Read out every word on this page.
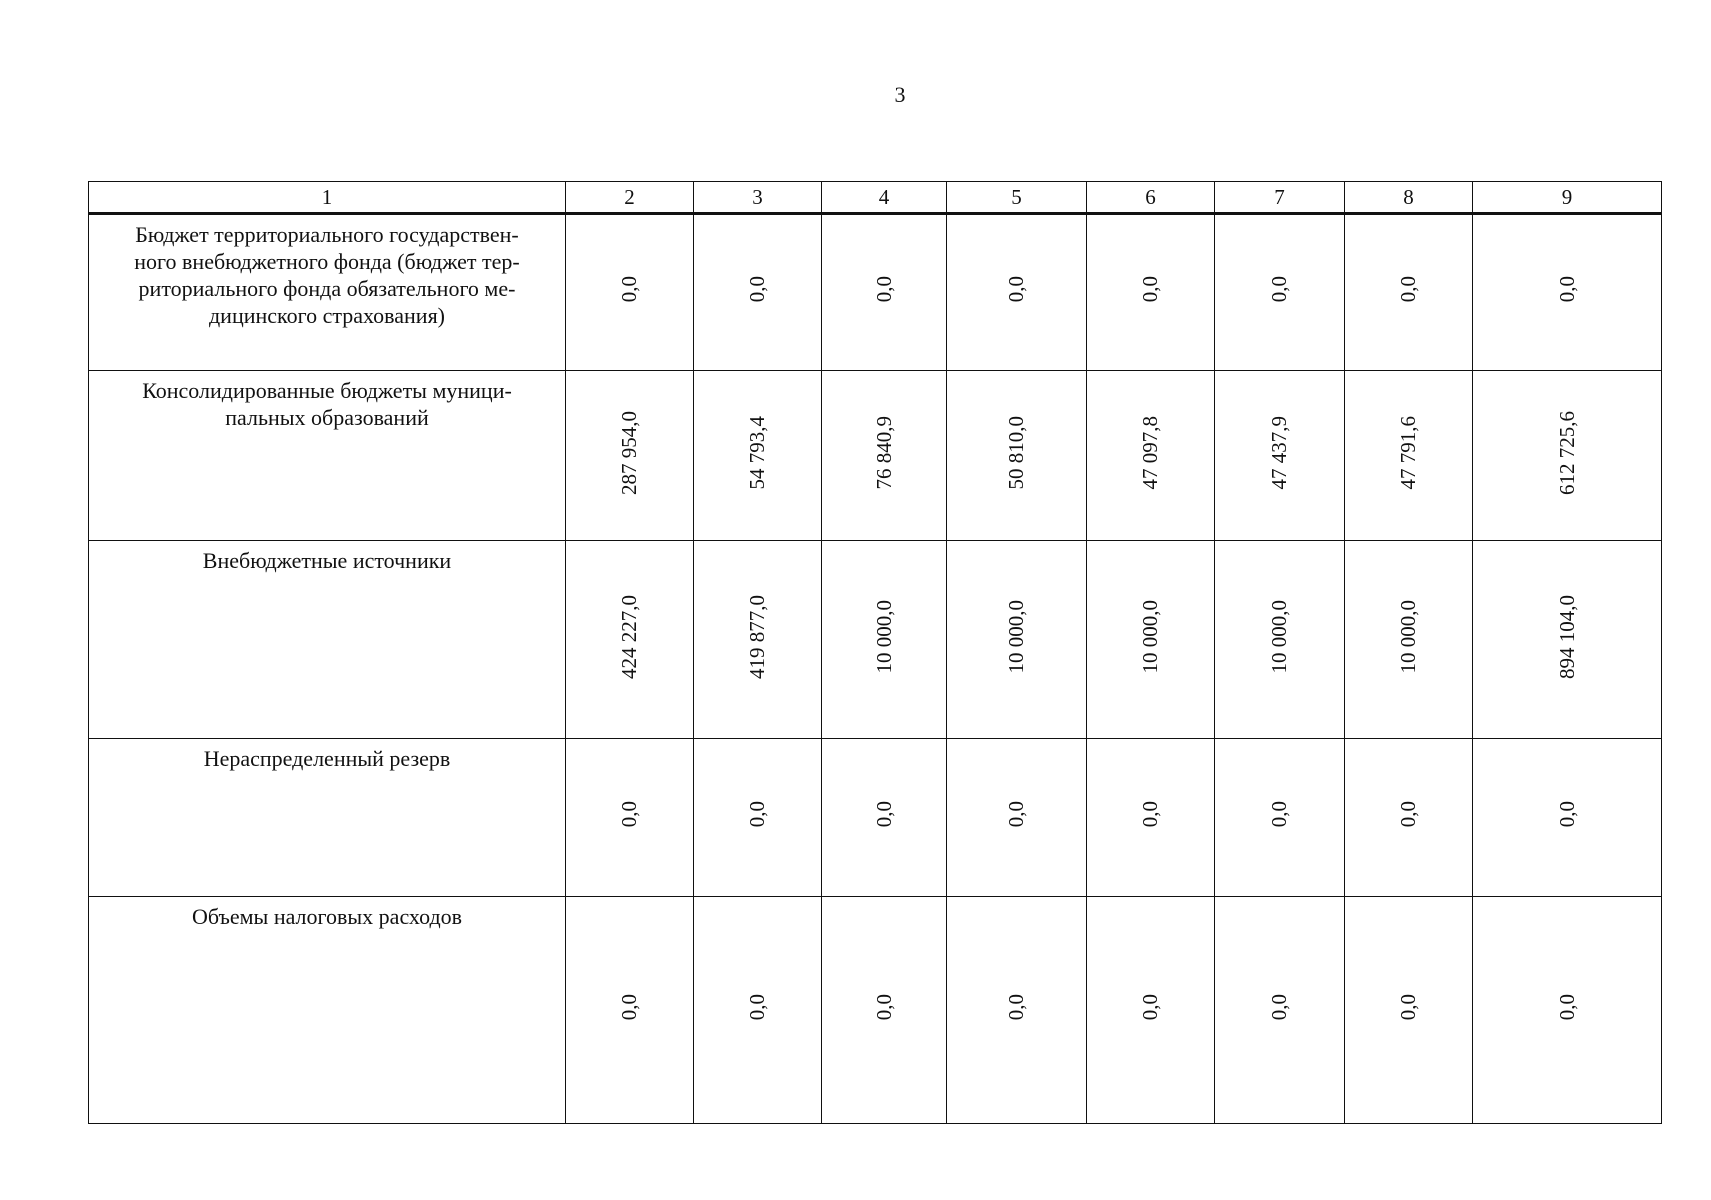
3
1	2	3	4	5	6	7	8	9

Бюджет территориального государствен-
ного внебюджетного фонда (бюджет тер-
риториального фонда обязательного ме-
дицинского страхования)	0,0	0,0	0,0	0,0	0,0	0,0	0,0	0,0

Консолидированные бюджеты муници-
пальных образований	287 954,0	54 793,4	76 840,9	50 810,0	47 097,8	47 437,9	47 791,6	612 725,6

Внебюджетные источники	424 227,0	419 877,0	10 000,0	10 000,0	10 000,0	10 000,0	10 000,0	894 104,0

Нераспределенный резерв	0,0	0,0	0,0	0,0	0,0	0,0	0,0	0,0

Объемы налоговых расходов	0,0	0,0	0,0	0,0	0,0	0,0	0,0	0,0
